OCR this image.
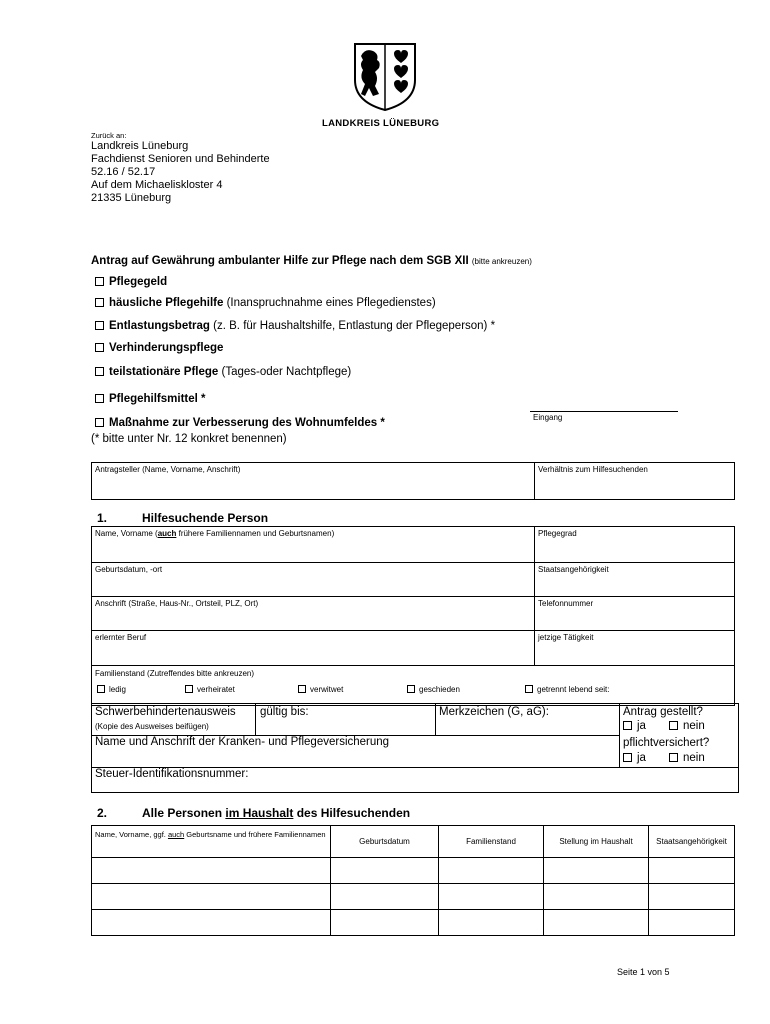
LANDKREIS LÜNEBURG
Zurück an:
Landkreis Lüneburg
Fachdienst Senioren und Behinderte
52.16 / 52.17
Auf dem Michaeliskloster 4
21335 Lüneburg
Antrag auf Gewährung ambulanter Hilfe zur Pflege nach dem SGB XII (bitte ankreuzen)
Pflegegeld
häusliche Pflegehilfe (Inanspruchnahme eines Pflegedienstes)
Entlastungsbetrag (z. B. für Haushaltshilfe, Entlastung der Pflegeperson) *
Verhinderungspflege
teilstationäre Pflege (Tages-oder Nachtpflege)
Pflegehilfsmittel *
Maßnahme zur Verbesserung des Wohnumfeldes *
(* bitte unter Nr. 12 konkret benennen)
Eingang
Antragsteller (Name, Vorname, Anschrift)	Verhältnis zum Hilfesuchenden
1.	Hilfesuchende Person
Name, Vorname (auch frühere Familiennamen und Geburtsnamen)	Pflegegrad
Geburtsdatum, -ort	Staatsangehörigkeit
Anschrift (Straße, Haus-Nr., Ortsteil, PLZ, Ort)	Telefonnummer
erlernter Beruf	jetzige Tätigkeit
Familienstand (Zutreffendes bitte ankreuzen)
ledig	verheiratet	verwitwet	geschieden	getrennt lebend seit:
Schwerbehindertenausweis
(Kopie des Ausweises beifügen)
gültig bis:	Merkzeichen (G, aG):	Antrag gestellt?
ja	nein
Name und Anschrift der Kranken- und Pflegeversicherung	pflichtversichert?
ja	nein
Steuer-Identifikationsnummer:
2.	Alle Personen im Haushalt des Hilfesuchenden
Name, Vorname, ggf. auch Geburtsname und frühere Familiennamen	Geburtsdatum	Familienstand	Stellung im Haushalt	Staatsangehörigkeit

Seite 1 von 5
